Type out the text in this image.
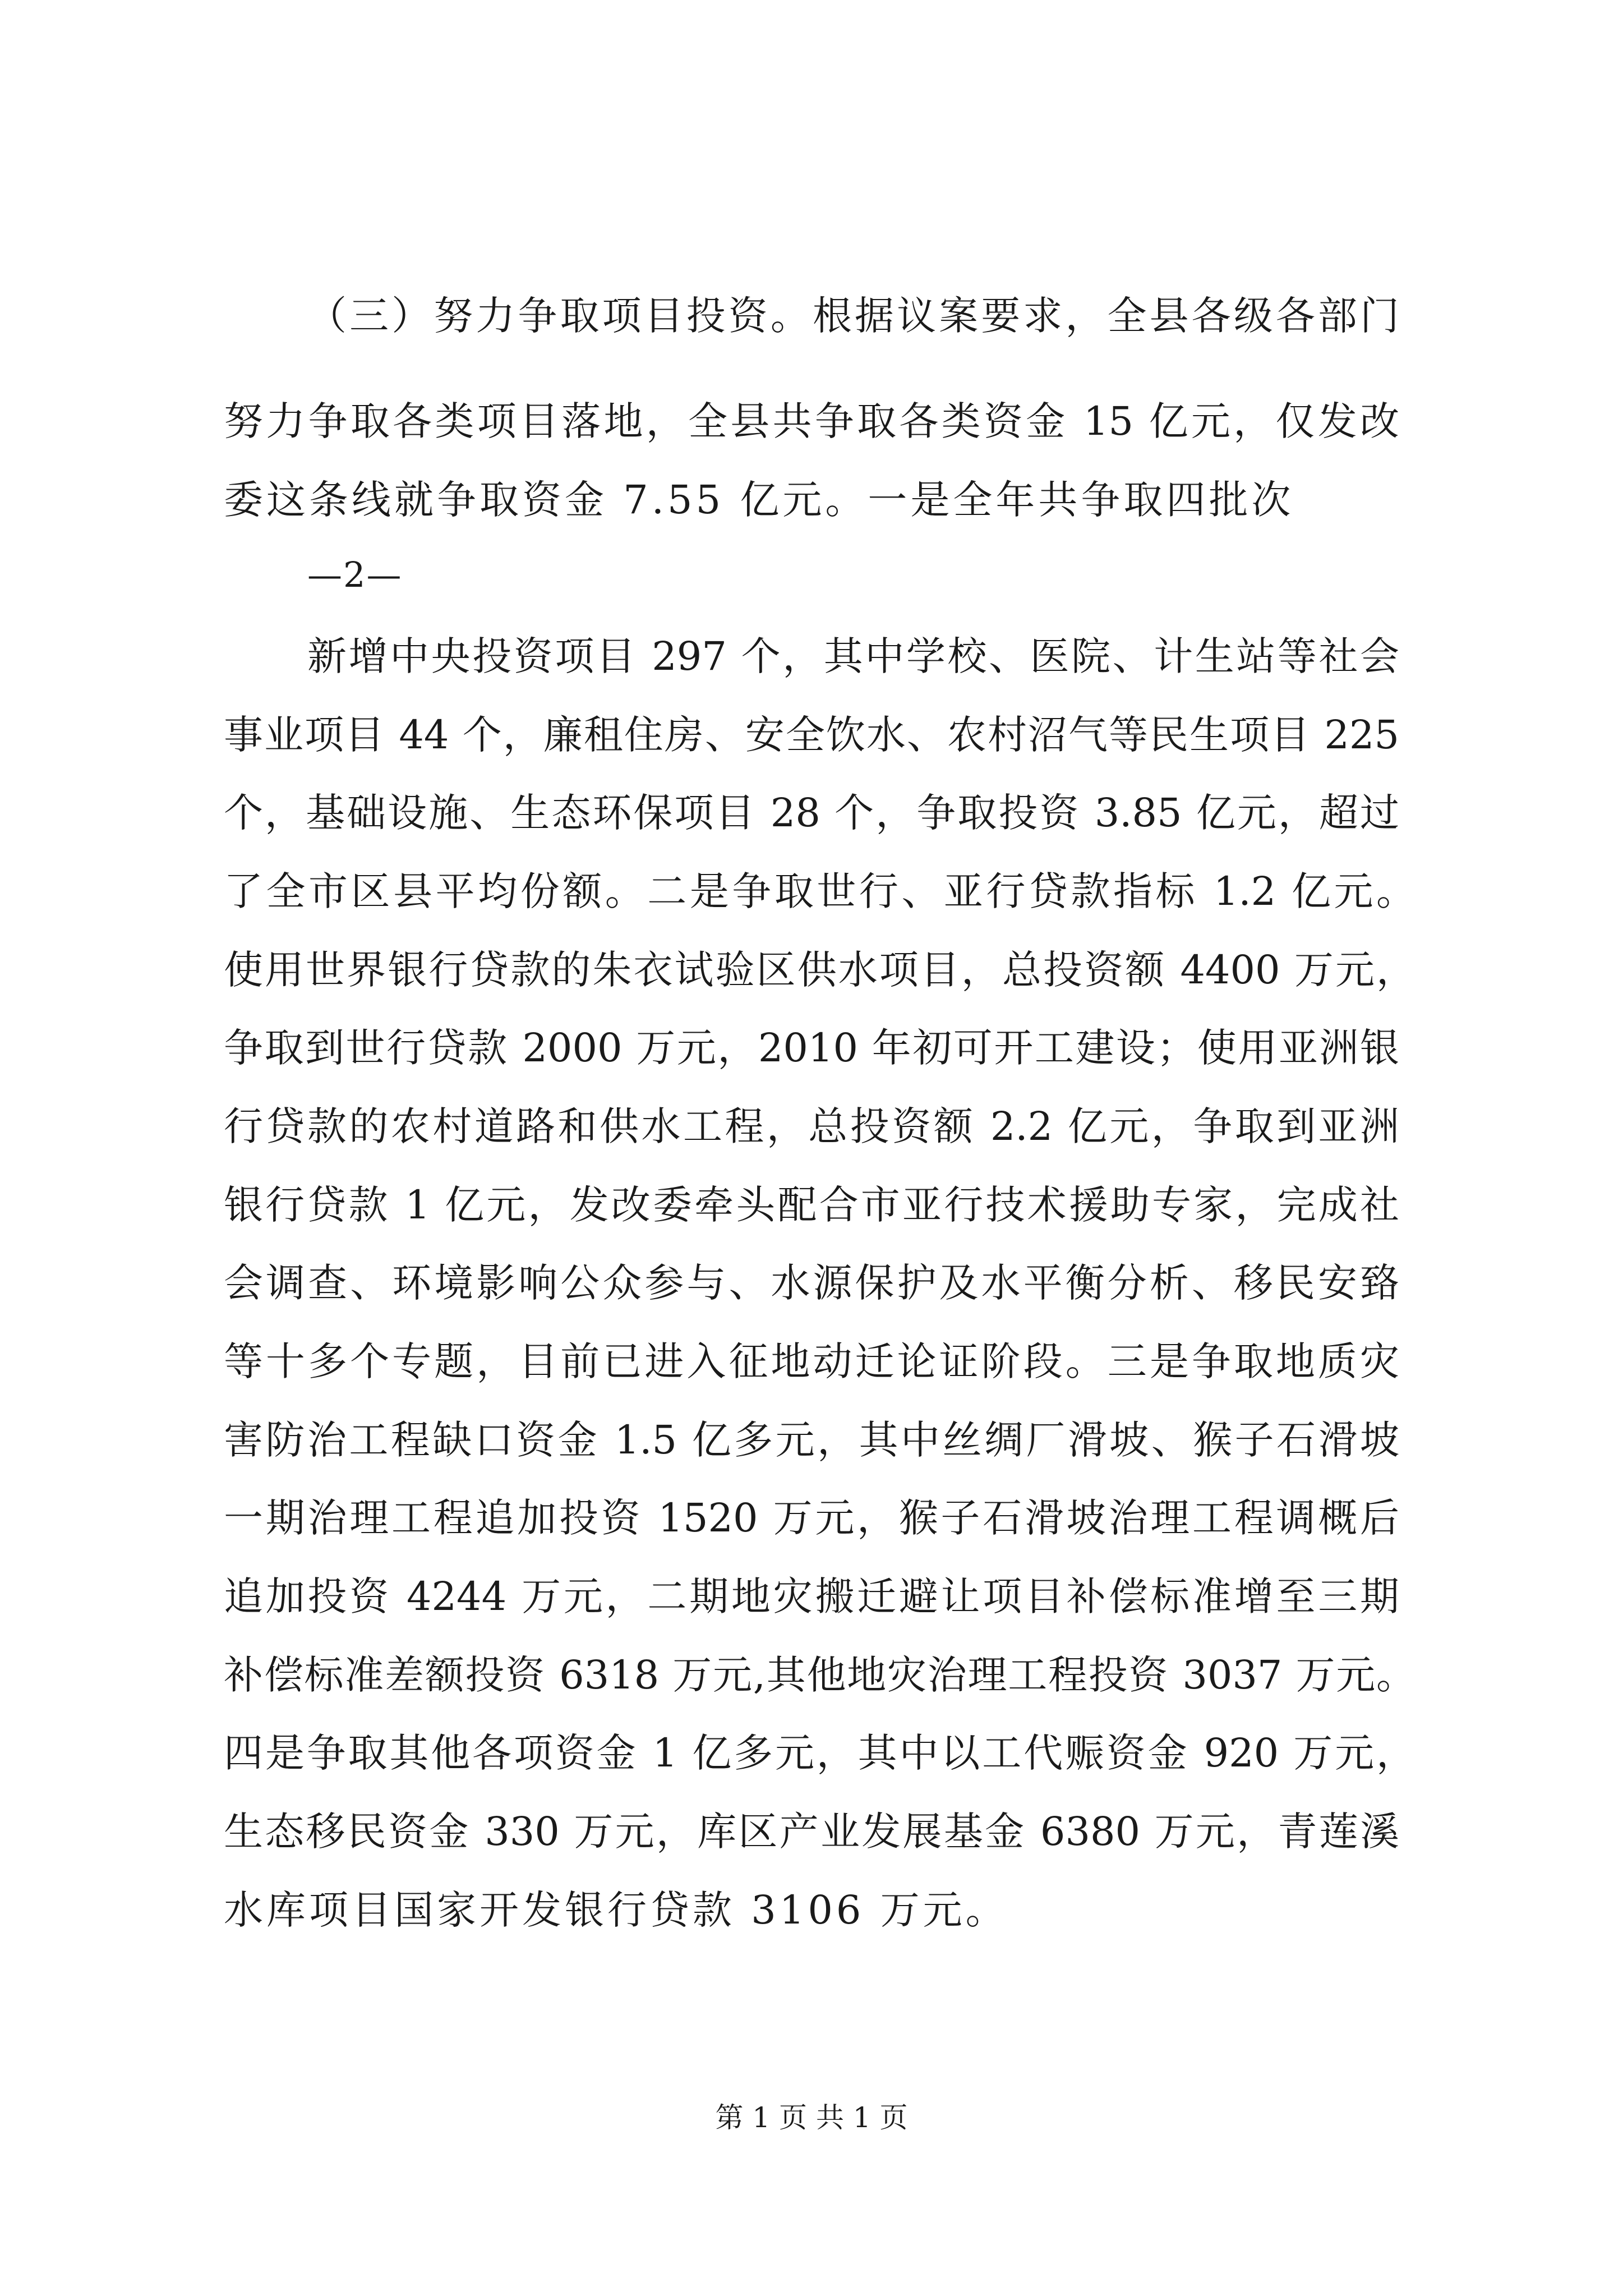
（三）努力争取项目投资。根据议案要求，全县各级各部门
努力争取各类项目落地，全县共争取各类资金 15 亿元，仅发改
委这条线就争取资金 7.55 亿元。一是全年共争取四批次
—2—
新增中央投资项目 297 个，其中学校、医院、计生站等社会
事业项目 44 个，廉租住房、安全饮水、农村沼气等民生项目 225
个，基础设施、生态环保项目 28 个，争取投资 3.85 亿元，超过
了全市区县平均份额。二是争取世行、亚行贷款指标 1.2 亿元。
使用世界银行贷款的朱衣试验区供水项目，总投资额 4400 万元，
争取到世行贷款 2000 万元，2010 年初可开工建设；使用亚洲银
行贷款的农村道路和供水工程，总投资额 2.2 亿元，争取到亚洲
银行贷款 1 亿元，发改委牵头配合市亚行技术援助专家，完成社
会调查、环境影响公众参与、水源保护及水平衡分析、移民安臵
等十多个专题，目前已进入征地动迁论证阶段。三是争取地质灾
害防治工程缺口资金 1.5 亿多元，其中丝绸厂滑坡、猴子石滑坡
一期治理工程追加投资 1520 万元，猴子石滑坡治理工程调概后
追加投资 4244 万元，二期地灾搬迁避让项目补偿标准增至三期
补偿标准差额投资 6318 万元,其他地灾治理工程投资 3037 万元。
四是争取其他各项资金 1 亿多元，其中以工代赈资金 920 万元，
生态移民资金 330 万元，库区产业发展基金 6380 万元，青莲溪
水库项目国家开发银行贷款 3106 万元。
第 1 页 共 1 页
